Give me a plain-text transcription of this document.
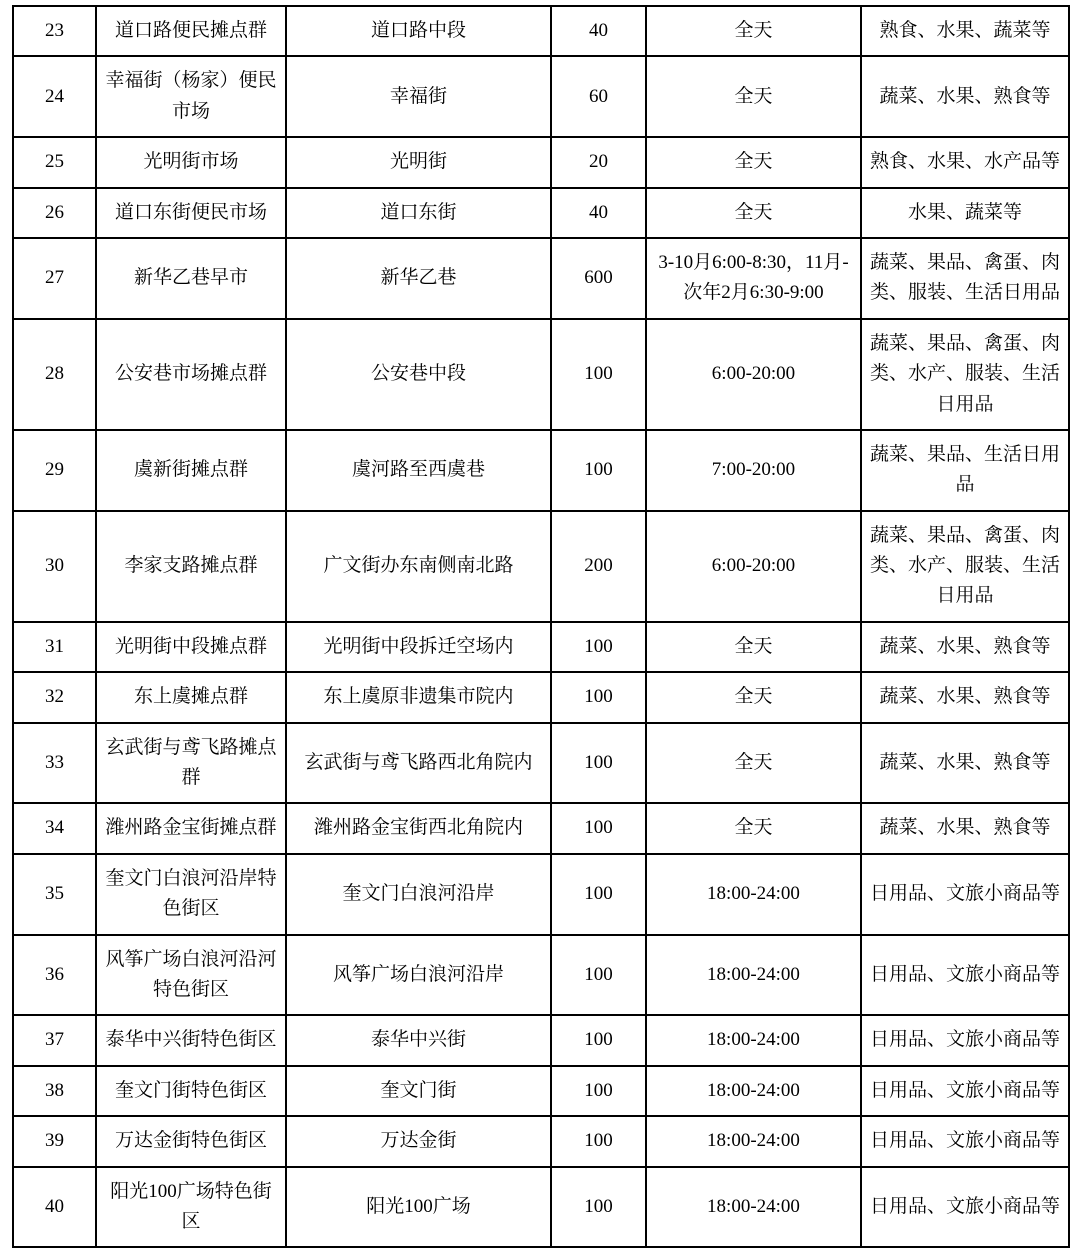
23	道口路便民摊点群	道口路中段	40	全天	熟食、水果、蔬菜等
24	幸福街（杨家）便民市场	幸福街	60	全天	蔬菜、水果、熟食等
25	光明街市场	光明街	20	全天	熟食、水果、水产品等
26	道口东街便民市场	道口东街	40	全天	水果、蔬菜等
27	新华乙巷早市	新华乙巷	600	3-10月6:00-8:30，11月-次年2月6:30-9:00	蔬菜、果品、禽蛋、肉类、服装、生活日用品
28	公安巷市场摊点群	公安巷中段	100	6:00-20:00	蔬菜、果品、禽蛋、肉类、水产、服装、生活日用品
29	虞新街摊点群	虞河路至西虞巷	100	7:00-20:00	蔬菜、果品、生活日用品
30	李家支路摊点群	广文街办东南侧南北路	200	6:00-20:00	蔬菜、果品、禽蛋、肉类、水产、服装、生活日用品
31	光明街中段摊点群	光明街中段拆迁空场内	100	全天	蔬菜、水果、熟食等
32	东上虞摊点群	东上虞原非遗集市院内	100	全天	蔬菜、水果、熟食等
33	玄武街与鸢飞路摊点群	玄武街与鸢飞路西北角院内	100	全天	蔬菜、水果、熟食等
34	潍州路金宝街摊点群	潍州路金宝街西北角院内	100	全天	蔬菜、水果、熟食等
35	奎文门白浪河沿岸特色街区	奎文门白浪河沿岸	100	18:00-24:00	日用品、文旅小商品等
36	风筝广场白浪河沿河特色街区	风筝广场白浪河沿岸	100	18:00-24:00	日用品、文旅小商品等
37	泰华中兴街特色街区	泰华中兴街	100	18:00-24:00	日用品、文旅小商品等
38	奎文门街特色街区	奎文门街	100	18:00-24:00	日用品、文旅小商品等
39	万达金街特色街区	万达金街	100	18:00-24:00	日用品、文旅小商品等
40	阳光100广场特色街区	阳光100广场	100	18:00-24:00	日用品、文旅小商品等
